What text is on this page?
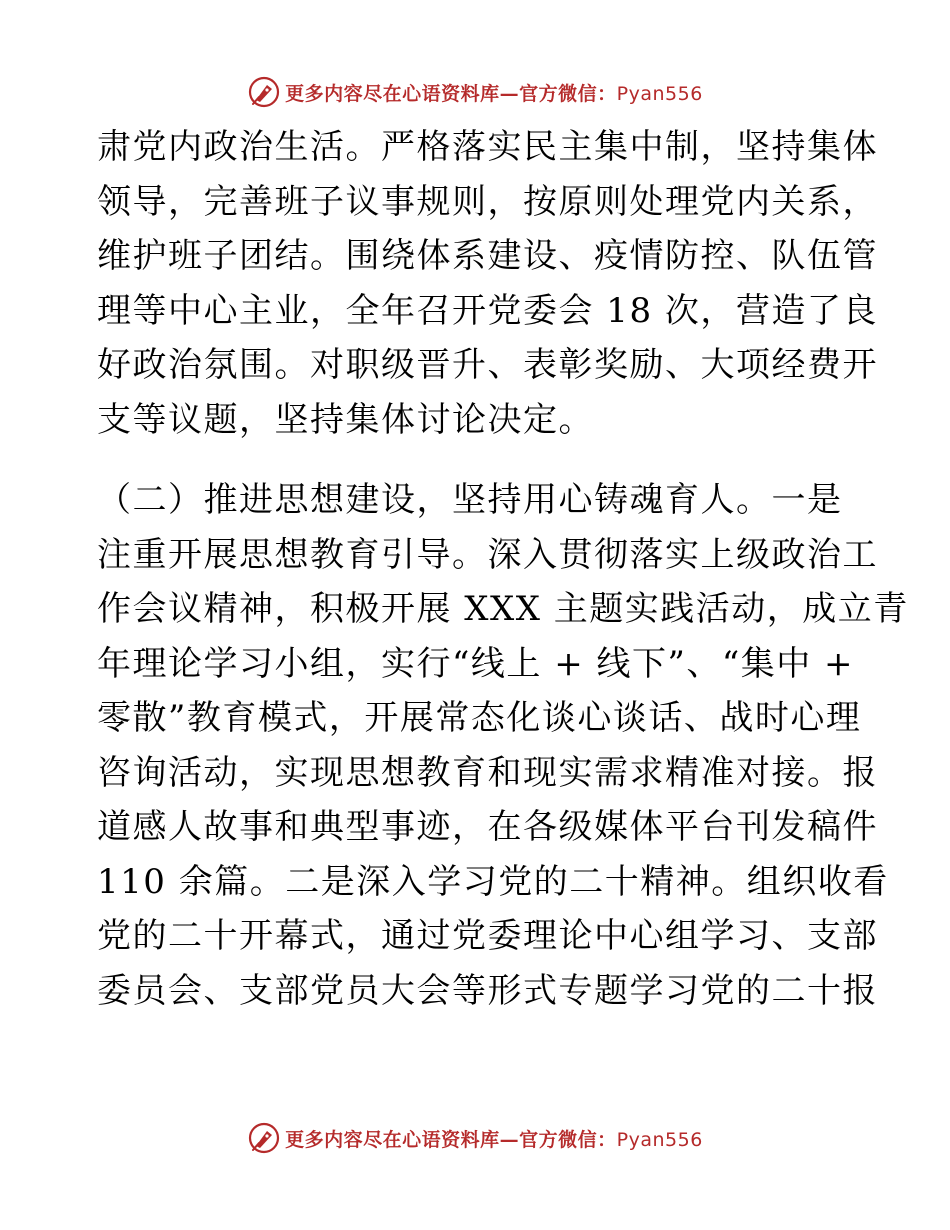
更多内容尽在心语资料库—官方微信：Pyan556
肃党内政治生活。严格落实民主集中制，坚持集体
领导，完善班子议事规则，按原则处理党内关系，
维护班子团结。围绕体系建设、疫情防控、队伍管
理等中心主业，全年召开党委会 18 次，营造了良
好政治氛围。对职级晋升、表彰奖励、大项经费开
支等议题，坚持集体讨论决定。
（二）推进思想建设，坚持用心铸魂育人。一是
注重开展思想教育引导。深入贯彻落实上级政治工
作会议精神，积极开展 XXX 主题实践活动，成立青
年理论学习小组，实行“线上 + 线下”、“集中 +
零散”教育模式，开展常态化谈心谈话、战时心理
咨询活动，实现思想教育和现实需求精准对接。报
道感人故事和典型事迹，在各级媒体平台刊发稿件
110 余篇。二是深入学习党的二十精神。组织收看
党的二十开幕式，通过党委理论中心组学习、支部
委员会、支部党员大会等形式专题学习党的二十报
更多内容尽在心语资料库—官方微信：Pyan556
